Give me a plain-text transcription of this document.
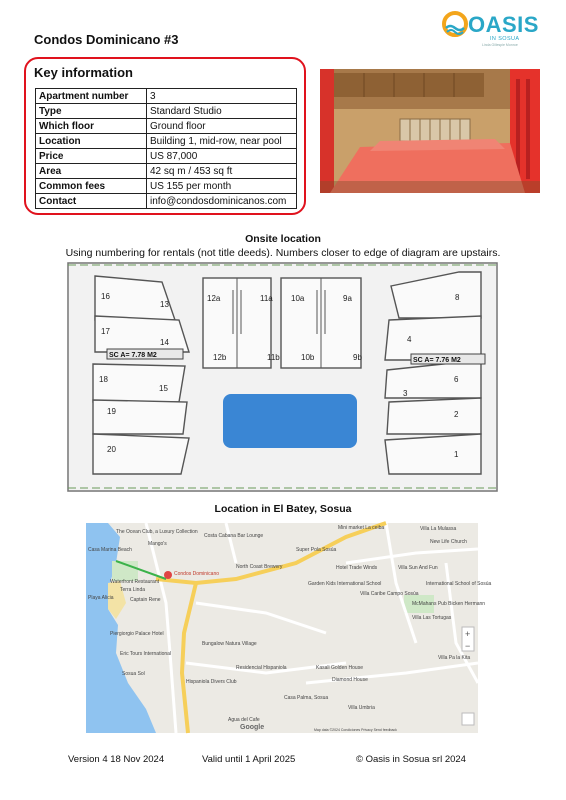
Condos Dominicano #3
OASIS
IN SOSUA
Linda Gillespie Monroe
Key information
Apartment number	3
Type	Standard Studio
Which floor	Ground floor
Location	Building 1, mid-row, near pool
Price	US 87,000
Area	42 sq m / 453 sq ft
Common fees	US 155 per month
Contact	info@condosdominicanos.com
Onsite location
Using numbering for rentals (not title deeds). Numbers closer to edge of diagram are upstairs.
SC A= 7.78 M2
SC A= 7.76 M2
16
13
17
14
18
15
19
20
12a	11a 10a	9a
12b	11b	10b	9b
8
4
6
3
2
1
Location in El Batey, Sosua
Mini market La ceiba	Villa La Mulassa
New Life Church
The Ocean Club, a Luxury Collection
Casa Marina Beach
Mango's
Costa Cabana Bar Lounge
Super Pola Sosúa
North Coast Brewery
Condos Dominicano
Hotel Trade Winds	Villa Sun And Fun
Waterfront Restaurant
Terra Linda
Captain Rene
Playa Alicia
Garden Kids International School
Villa Caribe Campo Sosúa
International School of Sosúa
McMahans Pub Bicken Hermann
Villa Las Tortugas
Piergiorgio Palace Hotel
Eric Tours International
Bungalow Natura Village
Residencial Hispaniola
Hispaniola Divers Club
Sosua Sol
Kasali Golden House
Diamond House
Casa Palma, Sosua
Villa Umbria
Agua del Cafe
Villa Pa la Kita
Google	Map data ©2024 Condiciones Privacy Send feedback
+
−
Version 4 18 Nov 2024	Valid until 1 April 2025	© Oasis in Sosua srl 2024
